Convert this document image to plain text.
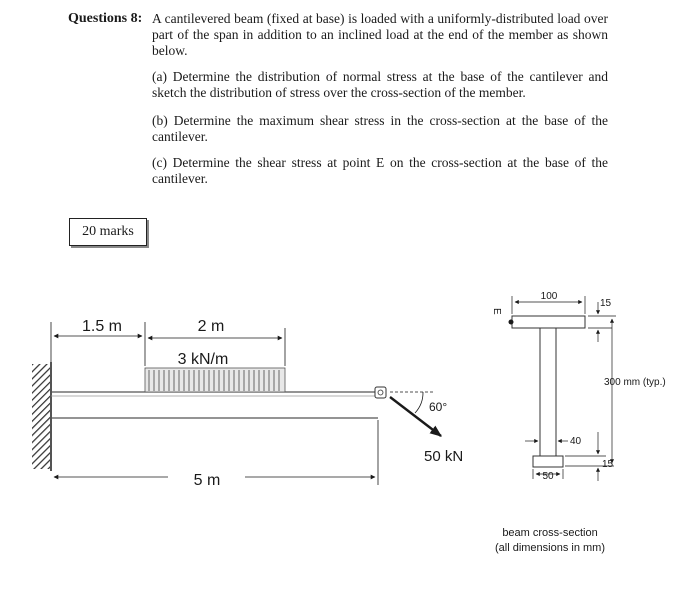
Questions 8: A cantilevered beam (fixed at base) is loaded with a uniformly-distributed load over part of the span in addition to an inclined load at the end of the member as shown below.
(a) Determine the distribution of normal stress at the base of the cantilever and sketch the distribution of stress over the cross-section of the member.
(b) Determine the maximum shear stress in the cross-section at the base of the cantilever.
(c) Determine the shear stress at point E on the cross-section at the base of the cantilever.
20 marks
1.5 m	2 m
3 kN/m
5 m
60°
50 kN
E
100
15
300 mm (typ.)
40
50
15
beam cross-section
(all dimensions in mm)
